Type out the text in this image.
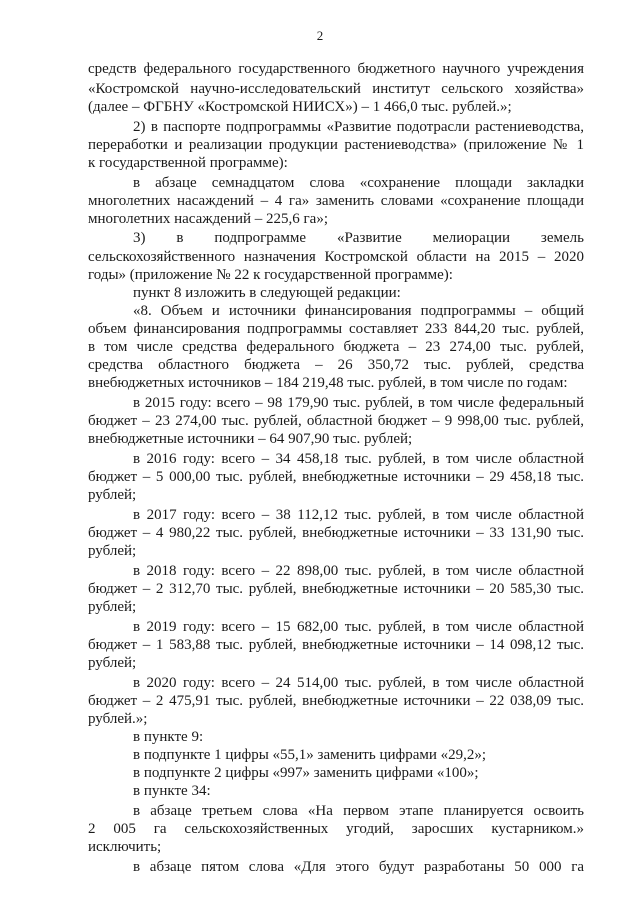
2
средств федерального государственного бюджетного научного учреждения
«Костромской научно-исследовательский институт сельского хозяйства»
(далее – ФГБНУ «Костромской НИИСХ») – 1 466,0 тыс. рублей.»;
2) в паспорте подпрограммы «Развитие подотрасли растениеводства,
переработки и реализации продукции растениеводства» (приложение № 1
к государственной программе):
в абзаце семнадцатом слова «сохранение площади закладки
многолетних насаждений – 4 га» заменить словами «сохранение площади
многолетних насаждений – 225,6 га»;
3) в подпрограмме «Развитие мелиорации земель
сельскохозяйственного назначения Костромской области на 2015 – 2020
годы» (приложение № 22 к государственной программе):
пункт 8 изложить в следующей редакции:
«8. Объем и источники финансирования подпрограммы – общий
объем финансирования подпрограммы составляет 233 844,20 тыс. рублей,
в том числе средства федерального бюджета – 23 274,00 тыс. рублей,
средства областного бюджета – 26 350,72 тыс. рублей, средства
внебюджетных источников – 184 219,48 тыс. рублей, в том числе по годам:
в 2015 году: всего – 98 179,90 тыс. рублей, в том числе федеральный
бюджет – 23 274,00 тыс. рублей, областной бюджет – 9 998,00 тыс. рублей,
внебюджетные источники – 64 907,90 тыс. рублей;
в 2016 году: всего – 34 458,18 тыс. рублей, в том числе областной
бюджет – 5 000,00 тыс. рублей, внебюджетные источники – 29 458,18 тыс.
рублей;
в 2017 году: всего – 38 112,12 тыс. рублей, в том числе областной
бюджет – 4 980,22 тыс. рублей, внебюджетные источники – 33 131,90 тыс.
рублей;
в 2018 году: всего – 22 898,00 тыс. рублей, в том числе областной
бюджет – 2 312,70 тыс. рублей, внебюджетные источники – 20 585,30 тыс.
рублей;
в 2019 году: всего – 15 682,00 тыс. рублей, в том числе областной
бюджет – 1 583,88 тыс. рублей, внебюджетные источники – 14 098,12 тыс.
рублей;
в 2020 году: всего – 24 514,00 тыс. рублей, в том числе областной
бюджет – 2 475,91 тыс. рублей, внебюджетные источники – 22 038,09 тыс.
рублей.»;
в пункте 9:
в подпункте 1 цифры «55,1» заменить цифрами «29,2»;
в подпункте 2 цифры «997» заменить цифрами «100»;
в пункте 34:
в абзаце третьем слова «На первом этапе планируется освоить
2 005 га сельскохозяйственных угодий, заросших кустарником.»
исключить;
в абзаце пятом слова «Для этого будут разработаны 50 000 га
